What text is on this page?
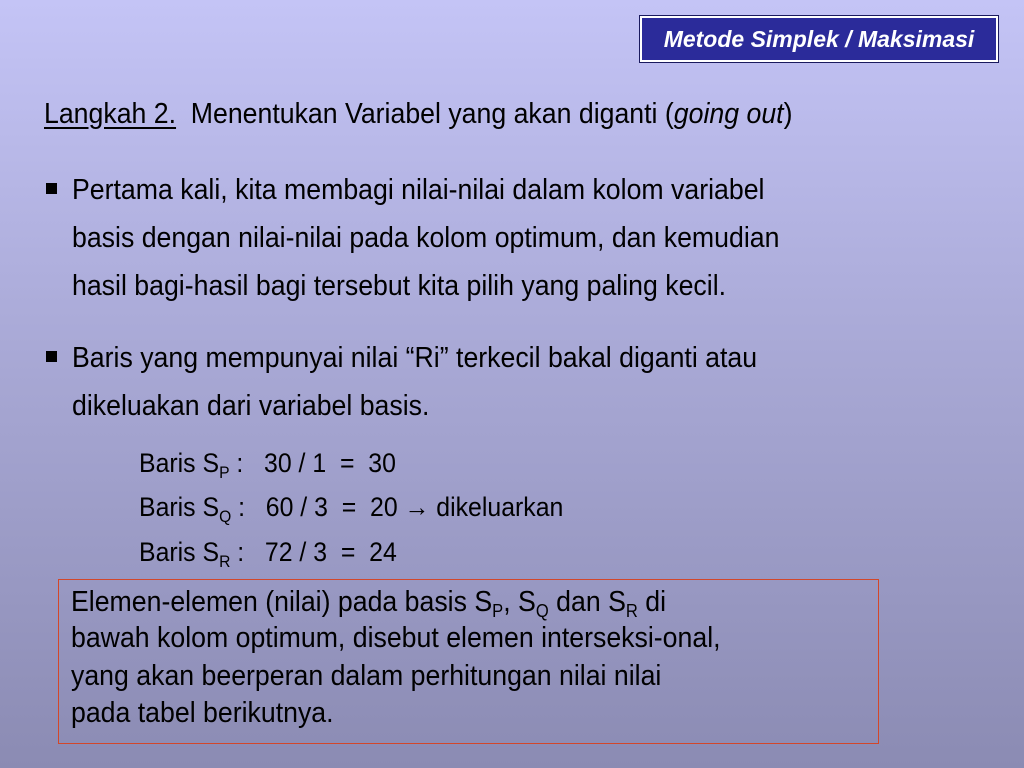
Metode Simplek / Maksimasi
Langkah 2. Menentukan Variabel yang akan diganti (going out)
Pertama kali, kita membagi nilai-nilai dalam kolom variabel
basis dengan nilai-nilai pada kolom optimum, dan kemudian
hasil bagi-hasil bagi tersebut kita pilih yang paling kecil.
Baris yang mempunyai nilai “Ri” terkecil bakal diganti atau
dikeluakan dari variabel basis.
Baris $S_P$ :   30 / 1  =  30
Baris $S_Q$ :   60 / 3  =  20 → dikeluarkan
Baris $S_R$ :   72 / 3  =  24
Elemen-elemen (nilai) pada basis $S_P$, $S_Q$ dan $S_R$ di
bawah kolom optimum, disebut elemen interseksi-onal,
yang akan beerperan dalam perhitungan nilai nilai
pada tabel berikutnya.
